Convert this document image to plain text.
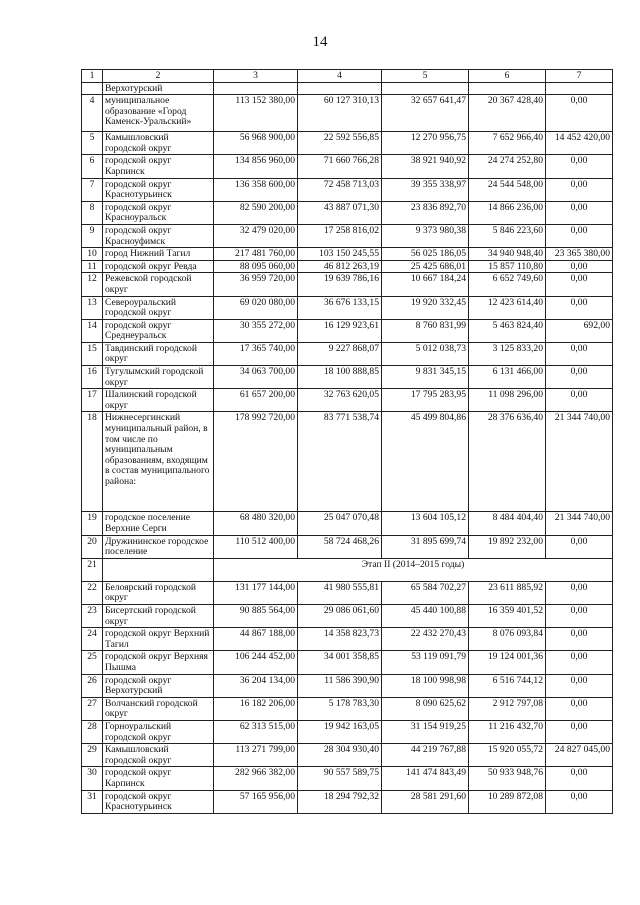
14
1	2	3	4	5	6	7
	Верхотурский					
4	муниципальное образование «Город Каменск-Уральский»	113 152 380,00	60 127 310,13	32 657 641,47	20 367 428,40	0,00
5	Камышловский городской округ	56 968 900,00	22 592 556,85	12 270 956,75	7 652 966,40	14 452 420,00
6	городской округ Карпинск	134 856 960,00	71 660 766,28	38 921 940,92	24 274 252,80	0,00
7	городской округ Краснотурьинск	136 358 600,00	72 458 713,03	39 355 338,97	24 544 548,00	0,00
8	городской округ Красноуральск	82 590 200,00	43 887 071,30	23 836 892,70	14 866 236,00	0,00
9	городской округ Красноуфимск	32 479 020,00	17 258 816,02	9 373 980,38	5 846 223,60	0,00
10	город Нижний Тагил	217 481 760,00	103 150 245,55	56 025 186,05	34 940 948,40	23 365 380,00
11	городской округ Ревда	88 095 060,00	46 812 263,19	25 425 686,01	15 857 110,80	0,00
12	Режевской городской округ	36 959 720,00	19 639 786,16	10 667 184,24	6 652 749,60	0,00
13	Североуральский городской округ	69 020 080,00	36 676 133,15	19 920 332,45	12 423 614,40	0,00
14	городской округ Среднеуральск	30 355 272,00	16 129 923,61	8 760 831,99	5 463 824,40	692,00
15	Тавдинский городской округ	17 365 740,00	9 227 868,07	5 012 038,73	3 125 833,20	0,00
16	Тугулымский городской округ	34 063 700,00	18 100 888,85	9 831 345,15	6 131 466,00	0,00
17	Шалинский городской округ	61 657 200,00	32 763 620,05	17 795 283,95	11 098 296,00	0,00
18	Нижнесергинский муниципальный район, в том числе по муниципальным образованиям, входящим в состав муниципального района:	178 992 720,00	83 771 538,74	45 499 804,86	28 376 636,40	21 344 740,00
19	городское поселение Верхние Серги	68 480 320,00	25 047 070,48	13 604 105,12	8 484 404,40	21 344 740,00
20	Дружининское городское поселение	110 512 400,00	58 724 468,26	31 895 699,74	19 892 232,00	0,00
21		Этап II (2014–2015 годы)				
22	Белоярский городской округ	131 177 144,00	41 980 555,81	65 584 702,27	23 611 885,92	0,00
23	Бисертский городской округ	90 885 564,00	29 086 061,60	45 440 100,88	16 359 401,52	0,00
24	городской округ Верхний Тагил	44 867 188,00	14 358 823,73	22 432 270,43	8 076 093,84	0,00
25	городской округ Верхняя Пышма	106 244 452,00	34 001 358,85	53 119 091,79	19 124 001,36	0,00
26	городской округ Верхотурский	36 204 134,00	11 586 390,90	18 100 998,98	6 516 744,12	0,00
27	Волчанский городской округ	16 182 206,00	5 178 783,30	8 090 625,62	2 912 797,08	0,00
28	Горноуральский городской округ	62 313 515,00	19 942 163,05	31 154 919,25	11 216 432,70	0,00
29	Камышловский городской округ	113 271 799,00	28 304 930,40	44 219 767,88	15 920 055,72	24 827 045,00
30	городской округ Карпинск	282 966 382,00	90 557 589,75	141 474 843,49	50 933 948,76	0,00
31	городской округ Краснотурьинск	57 165 956,00	18 294 792,32	28 581 291,60	10 289 872,08	0,00
